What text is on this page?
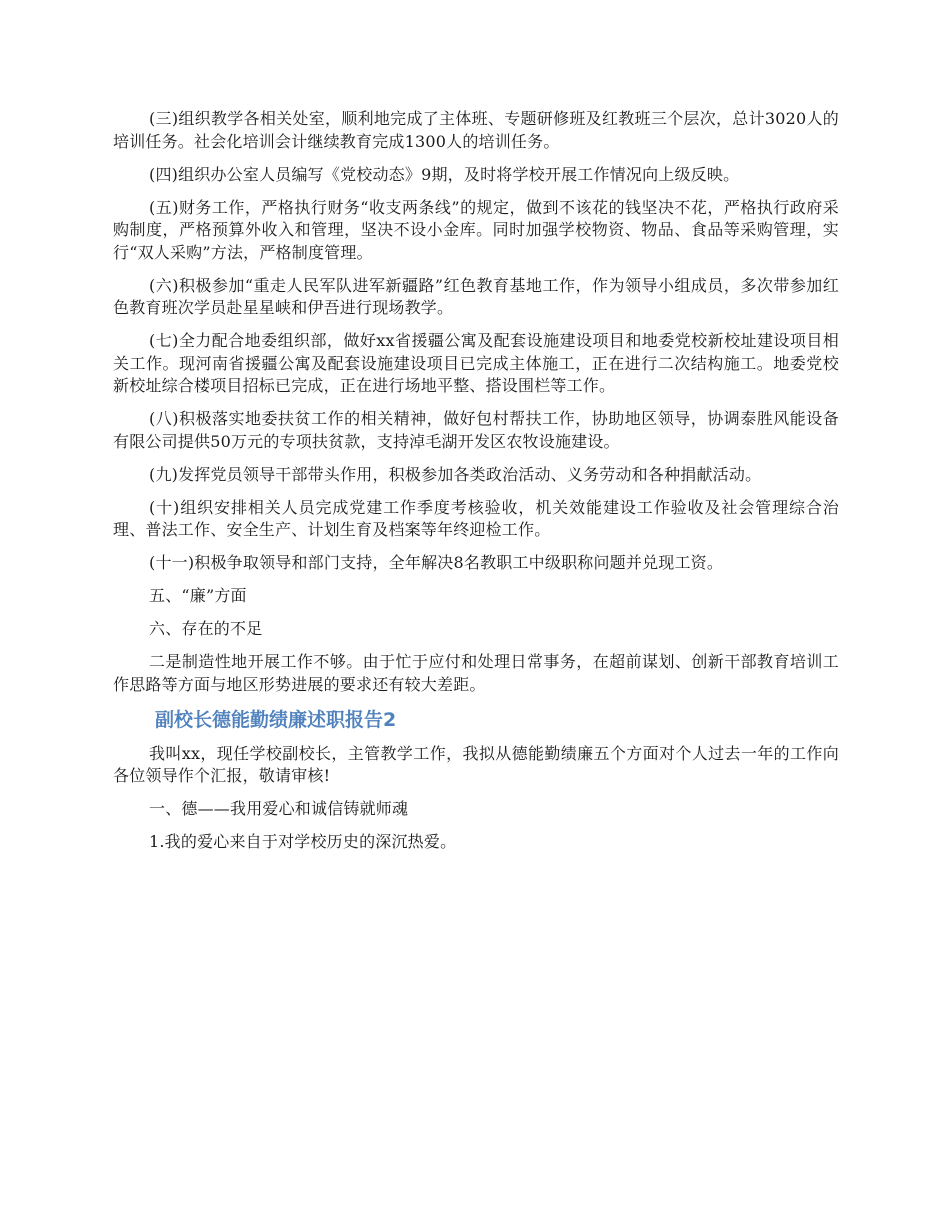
(三)组织教学各相关处室，顺利地完成了主体班、专题研修班及红教班三个层次，总计3020人的培训任务。社会化培训会计继续教育完成1300人的培训任务。

(四)组织办公室人员编写《党校动态》9期，及时将学校开展工作情况向上级反映。

(五)财务工作，严格执行财务“收支两条线”的规定，做到不该花的钱坚决不花，严格执行政府采购制度，严格预算外收入和管理，坚决不设小金库。同时加强学校物资、物品、食品等采购管理，实行“双人采购”方法，严格制度管理。

(六)积极参加“重走人民军队进军新疆路”红色教育基地工作，作为领导小组成员，多次带参加红色教育班次学员赴星星峡和伊吾进行现场教学。

(七)全力配合地委组织部，做好xx省援疆公寓及配套设施建设项目和地委党校新校址建设项目相关工作。现河南省援疆公寓及配套设施建设项目已完成主体施工，正在进行二次结构施工。地委党校新校址综合楼项目招标已完成，正在进行场地平整、搭设围栏等工作。

(八)积极落实地委扶贫工作的相关精神，做好包村帮扶工作，协助地区领导，协调泰胜风能设备有限公司提供50万元的专项扶贫款，支持淖毛湖开发区农牧设施建设。

(九)发挥党员领导干部带头作用，积极参加各类政治活动、义务劳动和各种捐献活动。

(十)组织安排相关人员完成党建工作季度考核验收，机关效能建设工作验收及社会管理综合治理、普法工作、安全生产、计划生育及档案等年终迎检工作。

(十一)积极争取领导和部门支持，全年解决8名教职工中级职称问题并兑现工资。

五、“廉”方面

六、存在的不足

二是制造性地开展工作不够。由于忙于应付和处理日常事务，在超前谋划、创新干部教育培训工作思路等方面与地区形势进展的要求还有较大差距。

副校长德能勤绩廉述职报告2

我叫xx，现任学校副校长，主管教学工作，我拟从德能勤绩廉五个方面对个人过去一年的工作向各位领导作个汇报，敬请审核!

一、德——我用爱心和诚信铸就师魂

1.我的爱心来自于对学校历史的深沉热爱。
